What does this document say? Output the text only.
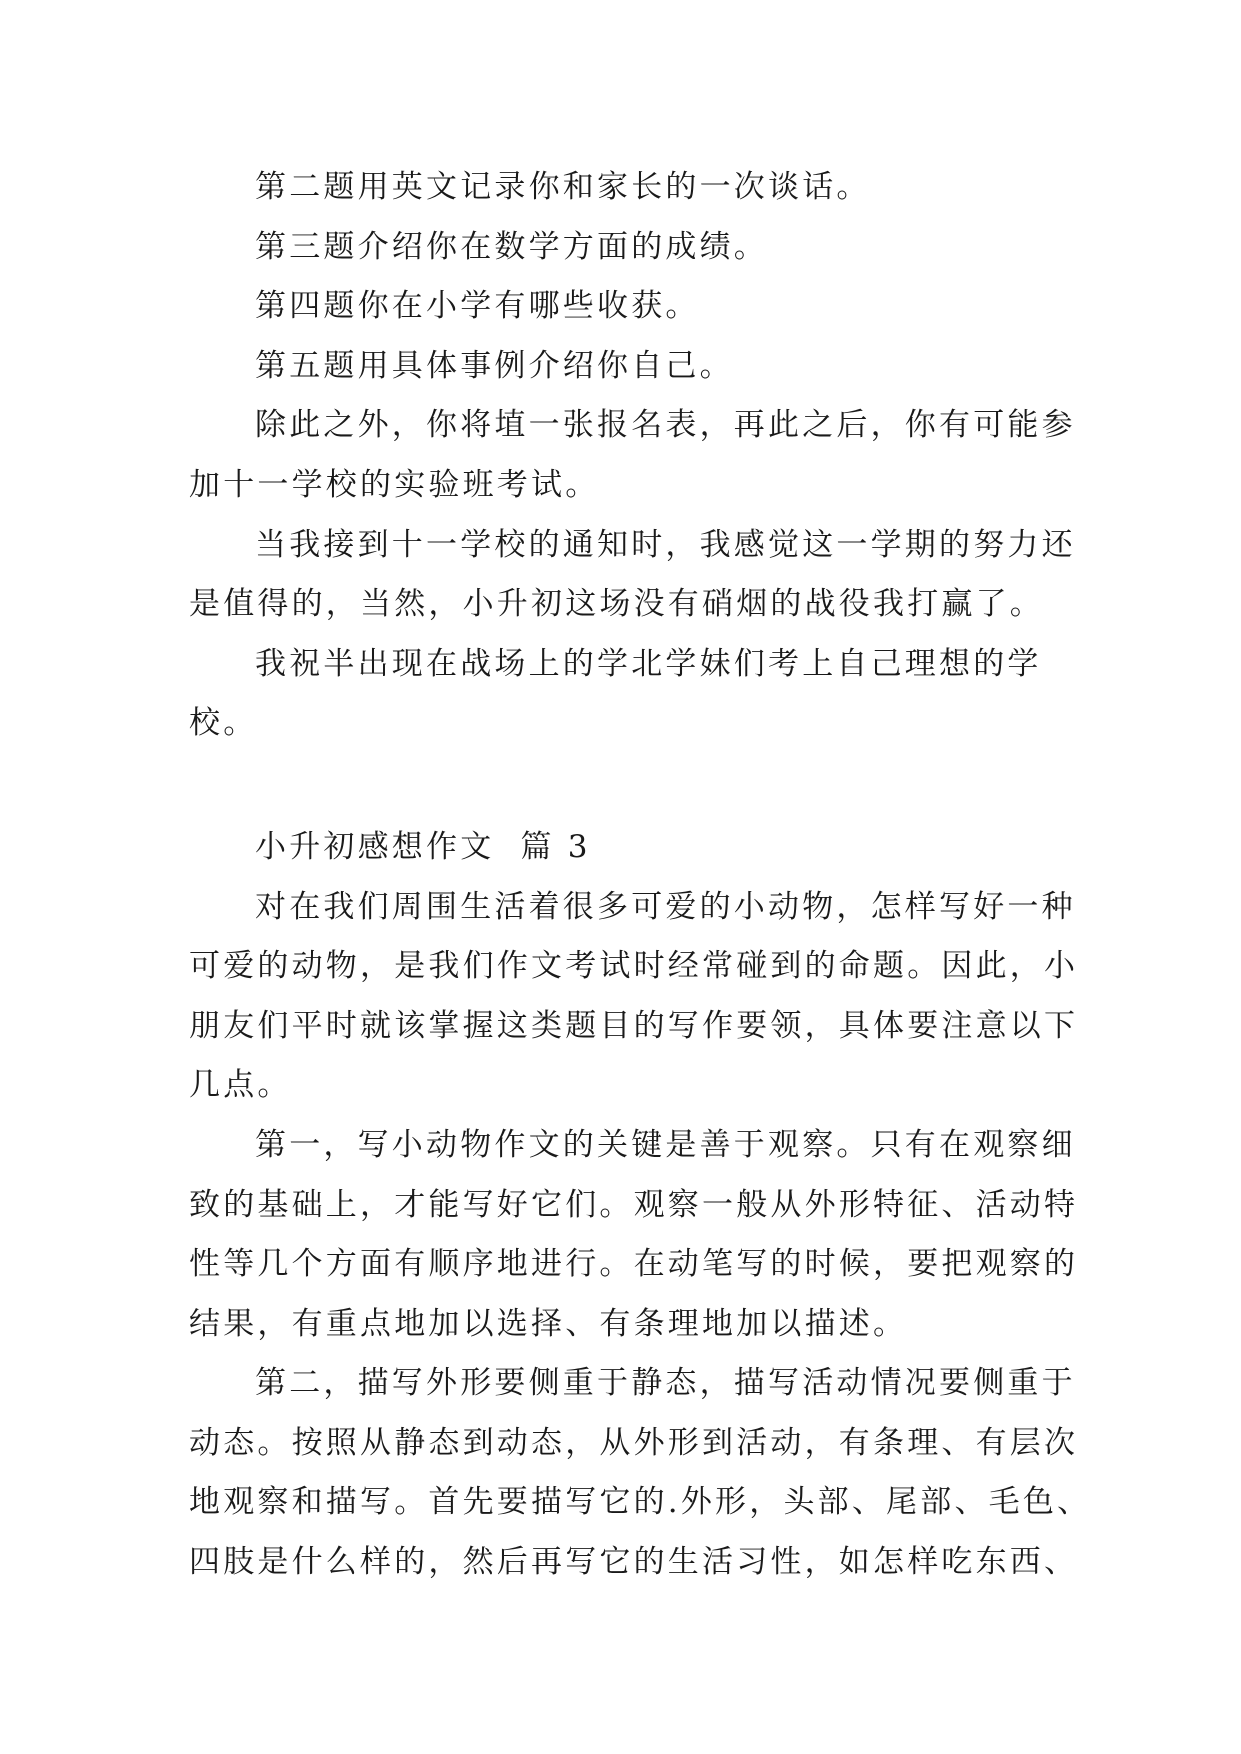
第二题用英文记录你和家长的一次谈话。
第三题介绍你在数学方面的成绩。
第四题你在小学有哪些收获。
第五题用具体事例介绍你自己。
除此之外，你将埴一张报名表，再此之后，你有可能参
加十一学校的实验班考试。
当我接到十一学校的通知时，我感觉这一学期的努力还
是值得的，当然，小升初这场没有硝烟的战役我打赢了。
我祝半出现在战场上的学北学妹们考上自己理想的学
校。
小升初感想作文  篇 3
对在我们周围生活着很多可爱的小动物，怎样写好一种
可爱的动物，是我们作文考试时经常碰到的命题。因此，小
朋友们平时就该掌握这类题目的写作要领，具体要注意以下
几点。
第一，写小动物作文的关键是善于观察。只有在观察细
致的基础上，才能写好它们。观察一般从外形特征、活动特
性等几个方面有顺序地进行。在动笔写的时候，要把观察的
结果，有重点地加以选择、有条理地加以描述。
第二，描写外形要侧重于静态，描写活动情况要侧重于
动态。按照从静态到动态，从外形到活动，有条理、有层次
地观察和描写。首先要描写它的.外形，头部、尾部、毛色、
四肢是什么样的，然后再写它的生活习性，如怎样吃东西、
